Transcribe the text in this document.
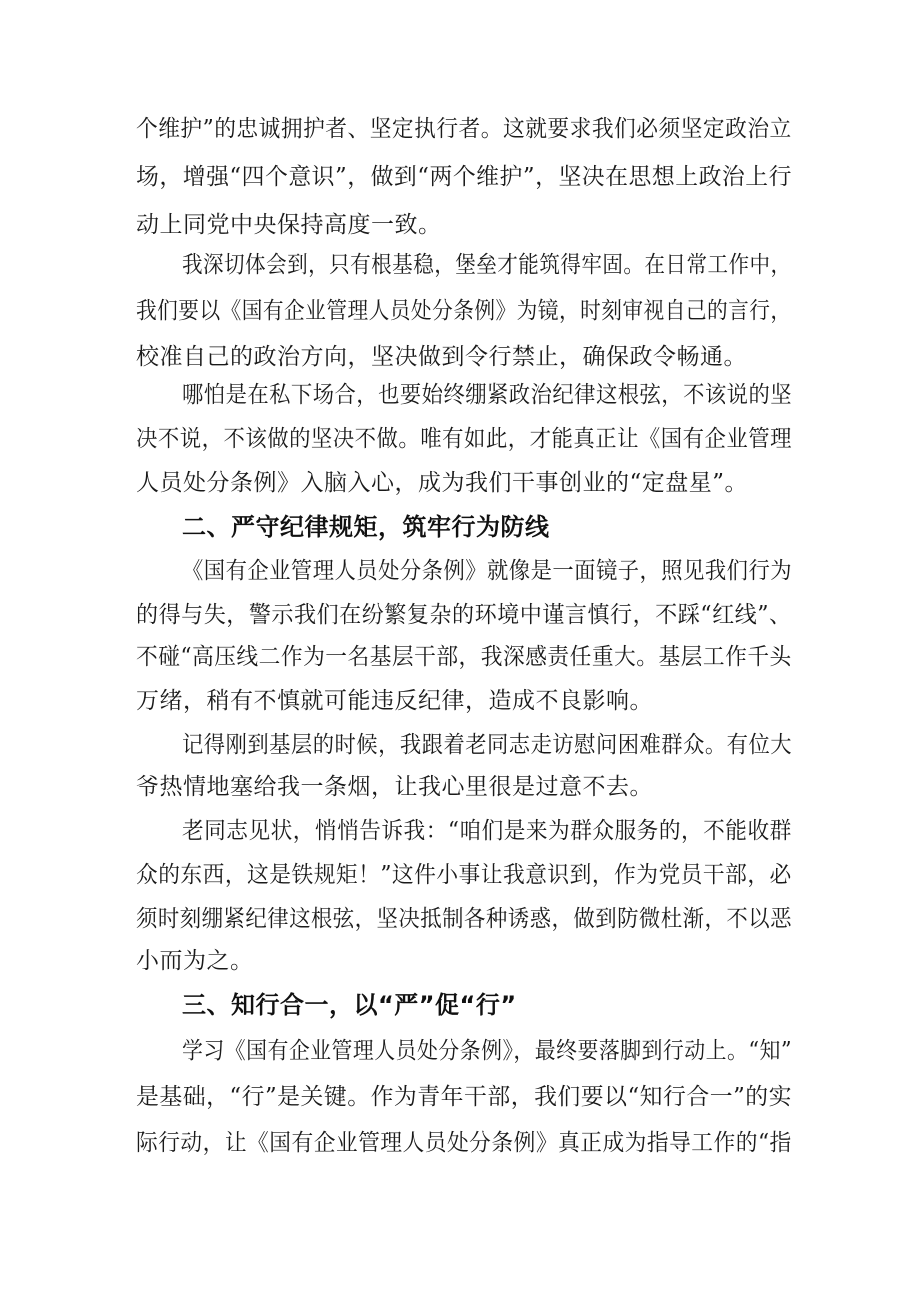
个维护”的忠诚拥护者、坚定执行者。这就要求我们必须坚定政治立
场，增强“四个意识”，做到“两个维护”，坚决在思想上政治上行
动上同党中央保持高度一致。
我深切体会到，只有根基稳，堡垒才能筑得牢固。在日常工作中，
我们要以《国有企业管理人员处分条例》为镜，时刻审视自己的言行，
校准自己的政治方向，坚决做到令行禁止，确保政令畅通。
哪怕是在私下场合，也要始终绷紧政治纪律这根弦，不该说的坚
决不说，不该做的坚决不做。唯有如此，才能真正让《国有企业管理
人员处分条例》入脑入心，成为我们干事创业的“定盘星”。
二、严守纪律规矩，筑牢行为防线
《国有企业管理人员处分条例》就像是一面镜子，照见我们行为
的得与失，警示我们在纷繁复杂的环境中谨言慎行，不踩“红线”、
不碰“高压线二作为一名基层干部，我深感责任重大。基层工作千头
万绪，稍有不慎就可能违反纪律，造成不良影响。
记得刚到基层的时候，我跟着老同志走访慰问困难群众。有位大
爷热情地塞给我一条烟，让我心里很是过意不去。
老同志见状，悄悄告诉我：“咱们是来为群众服务的，不能收群
众的东西，这是铁规矩！”这件小事让我意识到，作为党员干部，必
须时刻绷紧纪律这根弦，坚决抵制各种诱惑，做到防微杜渐，不以恶
小而为之。
三、知行合一，以“严”促“行”
学习《国有企业管理人员处分条例》，最终要落脚到行动上。“知”
是基础，“行”是关键。作为青年干部，我们要以“知行合一”的实
际行动，让《国有企业管理人员处分条例》真正成为指导工作的“指
